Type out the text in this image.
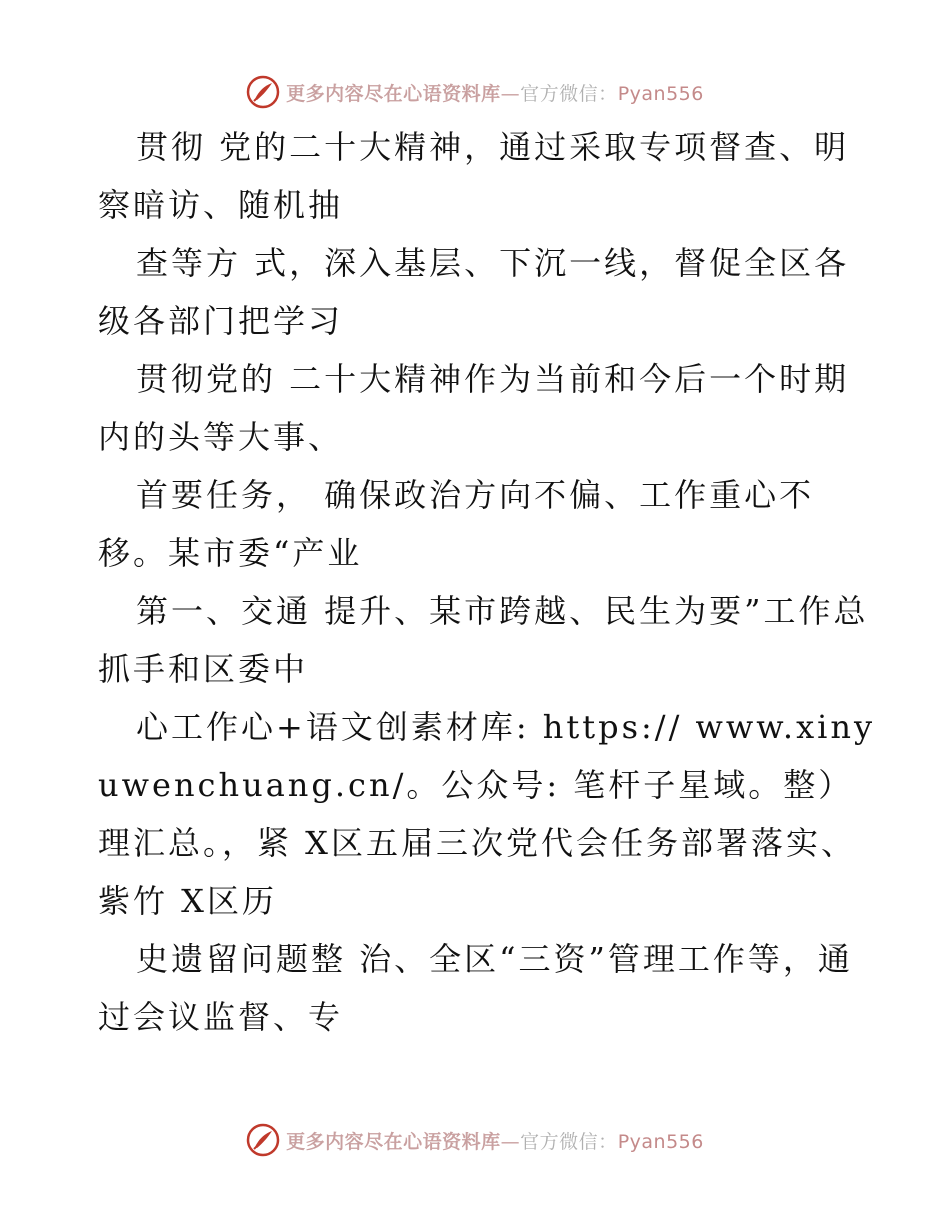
更多内容尽在心语资料库—官方微信：Pyan556

贯彻 党的二十大精神，通过采取专项督查、明察暗访、随机抽

查等方 式，深入基层、下沉一线，督促全区各级各部门把学习

贯彻党的 二十大精神作为当前和今后一个时期内的头等大事、

首要任务， 确保政治方向不偏、工作重心不移。某市委“产业

第一、交通 提升、某市跨越、民生为要”工作总抓手和区委中

心工作心+语文创素材库: https:// www.xinyuwenchuang.cn/。公众号: 笔杆子星域。整）理汇总。，紧 X区五届三次党代会任务部署落实、紫竹 X区历

史遗留问题整 治、全区“三资”管理工作等，通过会议监督、专

更多内容尽在心语资料库—官方微信：Pyan556
